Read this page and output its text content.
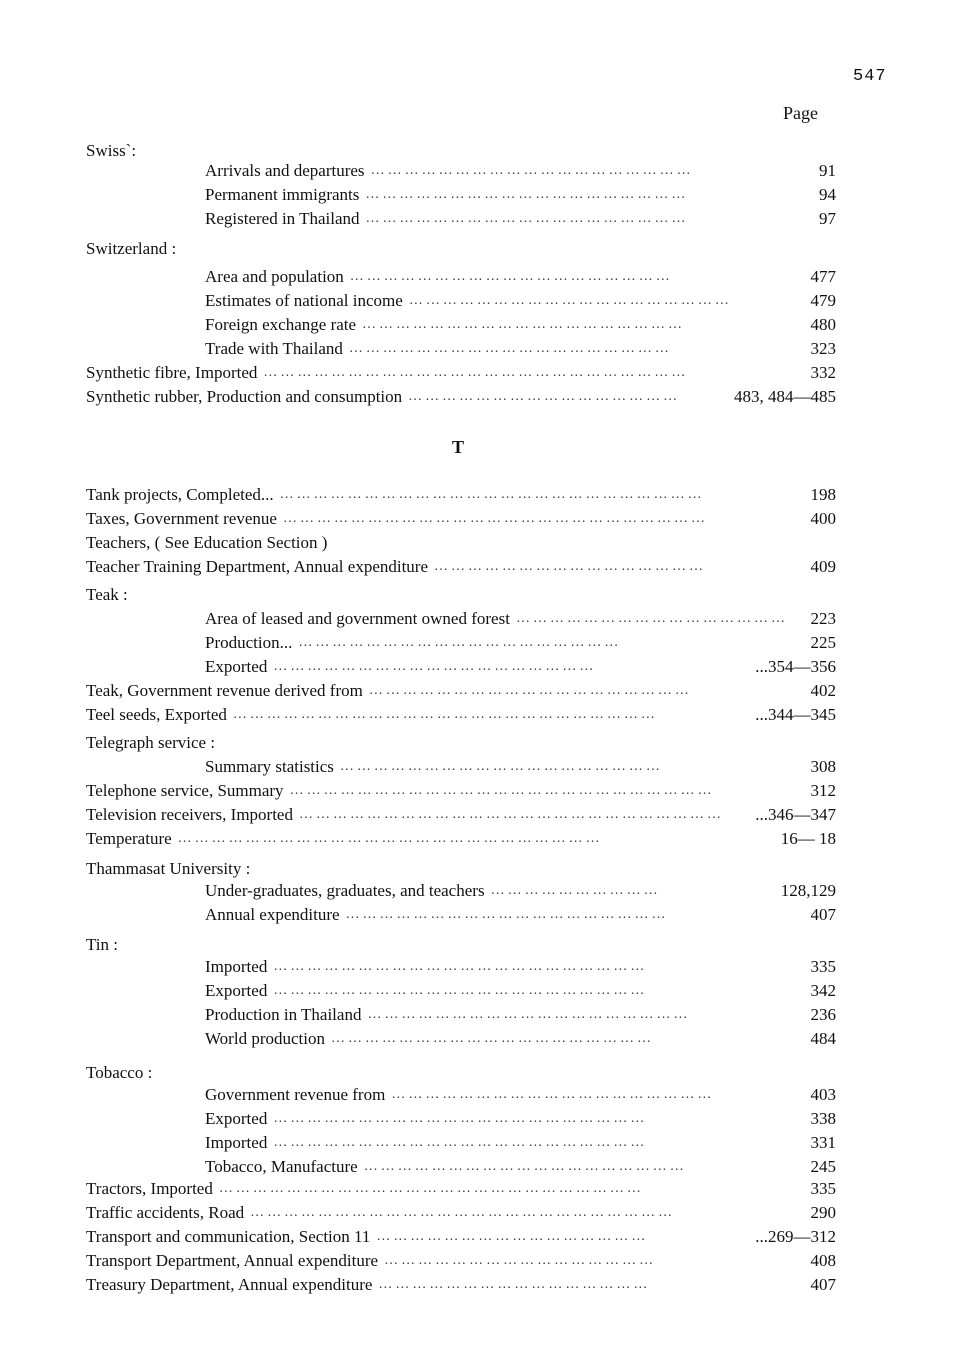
547
Page
Swiss`:
Arrivals and departures …………………………………………………	91
Permanent immigrants …………………………………………………	94
Registered in Thailand …………………………………………………	97
Switzerland :
Area and population …………………………………………………	477
Estimates of national income …………………………………………………	479
Foreign exchange rate …………………………………………………	480
Trade with Thailand …………………………………………………	323
Synthetic fibre, Imported …………………………………………………………………	332
Synthetic rubber, Production and consumption …………………………………………	483, 484—485
T
Tank projects, Completed... …………………………………………………………………	198
Taxes, Government revenue …………………………………………………………………	400
Teachers, ( See Education Section )
Teacher Training Department, Annual expenditure …………………………………………	409
Teak :
Area of leased and government owned forest …………………………………………	223
Production... …………………………………………………	225
Exported …………………………………………………	...354—356
Teak, Government revenue derived from …………………………………………………	402
Teel seeds, Exported …………………………………………………………………	...344—345
Telegraph service :
Summary statistics …………………………………………………	308
Telephone service, Summary …………………………………………………………………	312
Television receivers, Imported …………………………………………………………………	...346—347
Temperature …………………………………………………………………	16— 18
Thammasat University :
Under-graduates, graduates, and teachers …………………………	128,129
Annual expenditure …………………………………………………	407
Tin :
Imported …………………………………………………………	335
Exported …………………………………………………………	342
Production in Thailand …………………………………………………	236
World production …………………………………………………	484
Tobacco :
Government revenue from …………………………………………………	403
Exported …………………………………………………………	338
Imported …………………………………………………………	331
Tobacco, Manufacture …………………………………………………	245
Tractors, Imported …………………………………………………………………	335
Traffic accidents, Road …………………………………………………………………	290
Transport and communication, Section 11 …………………………………………	...269—312
Transport Department, Annual expenditure …………………………………………	408
Treasury Department, Annual expenditure …………………………………………	407
